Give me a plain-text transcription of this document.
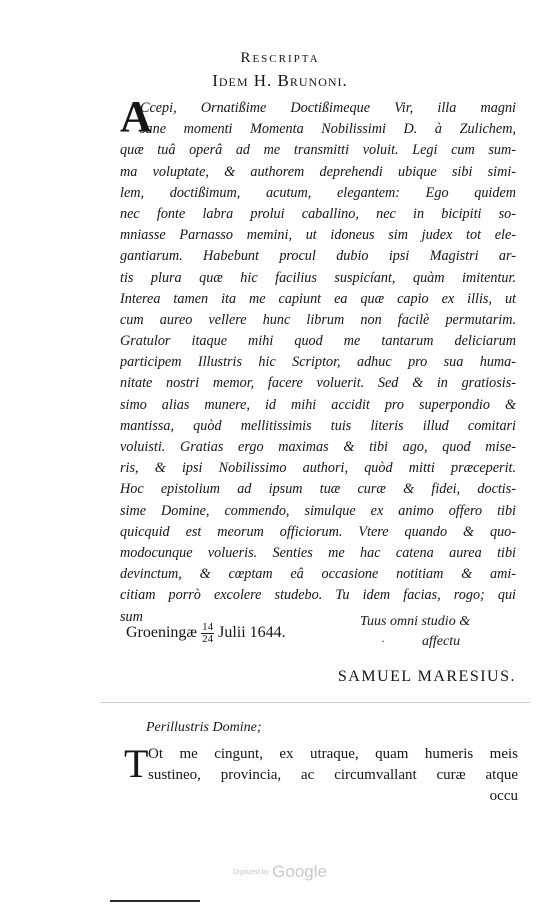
Rescripta
Idem H. Brunoni.
A
Ccepi, Ornatißime Doctißimeque Vir, illa magni
sane momenti Momenta Nobilissimi D. à Zulichem,
quæ tuâ operâ ad me transmitti voluit. Legi cum sum-
ma voluptate, & authorem deprehendi ubique sibi simi-
lem, doctißimum, acutum, elegantem: Ego quidem
nec fonte labra prolui caballino, nec in bicipiti so-
mniasse Parnasso memini, ut idoneus sim judex tot ele-
gantiarum. Habebunt procul dubio ipsi Magistri ar-
tis plura quæ hic facilius suspicíant, quàm imitentur.
Interea tamen ita me capiunt ea quæ capio ex illis, ut
cum aureo vellere hunc librum non facilè permutarim.
Gratulor itaque mihi quod me tantarum deliciarum
participem Illustris hic Scriptor, adhuc pro sua huma-
nitate nostri memor, facere voluerit. Sed & in gratiosis-
simo alias munere, id mihi accidit pro superpondio &
mantissa, quòd mellitissimis tuis literis illud comitari
voluisti. Gratias ergo maximas & tibi ago, quod mise-
ris, & ipsi Nobilissimo authori, quòd mitti præceperit.
Hoc epistolium ad ipsum tuæ curæ & fidei, doctis-
sime Domine, commendo, simulque ex animo offero tibi
quicquid est meorum officiorum. Vtere quando & quo-
modocunque volueris. Senties me hac catena aurea tibi
devinctum, & cœptam eâ occasione notitiam & ami-
citiam porrò excolere studebo. Tu idem facias, rogo; qui
sum
Groeningæ $\frac{14}{24}$ Julii 1644.	·
Tuus omni studio &
affectu
SAMUEL MARESIUS.
Perillustris Domine;
T Ot me cingunt, ex utraque, quam humeris meis
sustineo, provincia, ac circumvallant curæ atque
occu
Digitized by Google
